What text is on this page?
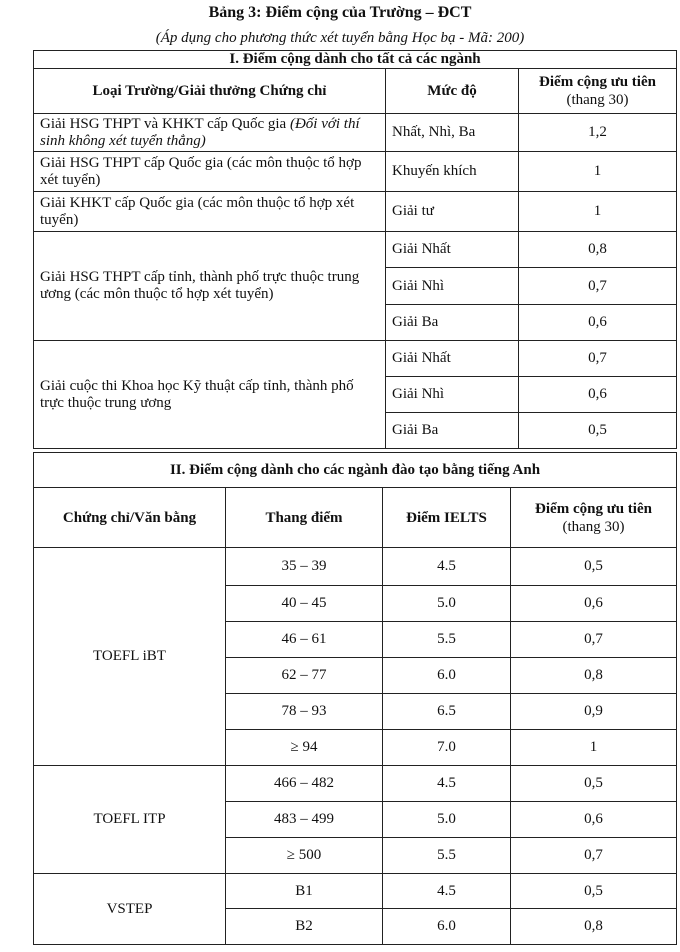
Bảng 3: Điểm cộng của Trường – ĐCT
(Áp dụng cho phương thức xét tuyển bằng Học bạ - Mã: 200)
I. Điểm cộng dành cho tất cả các ngành		
Loại Trường/Giải thưởng Chứng chỉ	Mức độ	Điểm cộng ưu tiên
(thang 30)

Giải HSG THPT và KHKT cấp Quốc gia (Đối với thí sinh không xét tuyển thẳng)	Nhất, Nhì, Ba	1,2
Giải HSG THPT cấp Quốc gia (các môn thuộc tổ hợp xét tuyển)	Khuyến khích	1
Giải KHKT cấp Quốc gia (các môn thuộc tổ hợp xét tuyển)	Giải tư	1
Giải HSG THPT cấp tỉnh, thành phố trực thuộc trung ương (các môn thuộc tổ hợp xét tuyển)	Giải Nhất	0,8
	Giải Nhì	0,7
	Giải Ba	0,6
Giải cuộc thi Khoa học Kỹ thuật cấp tỉnh, thành phố trực thuộc trung ương	Giải Nhất	0,7
	Giải Nhì	0,6
	Giải Ba	0,5
II. Điểm cộng dành cho các ngành đào tạo bằng tiếng Anh			
Chứng chỉ/Văn bằng	Thang điểm	Điểm IELTS	Điểm cộng ưu tiên
(thang 30)

TOEFL iBT	35 – 39	4.5	0,5
	40 – 45	5.0	0,6
	46 – 61	5.5	0,7
	62 – 77	6.0	0,8
	78 – 93	6.5	0,9
	≥ 94	7.0	1
TOEFL ITP	466 – 482	4.5	0,5
	483 – 499	5.0	0,6
	≥ 500	5.5	0,7
VSTEP	B1	4.5	0,5
	B2	6.0	0,8
